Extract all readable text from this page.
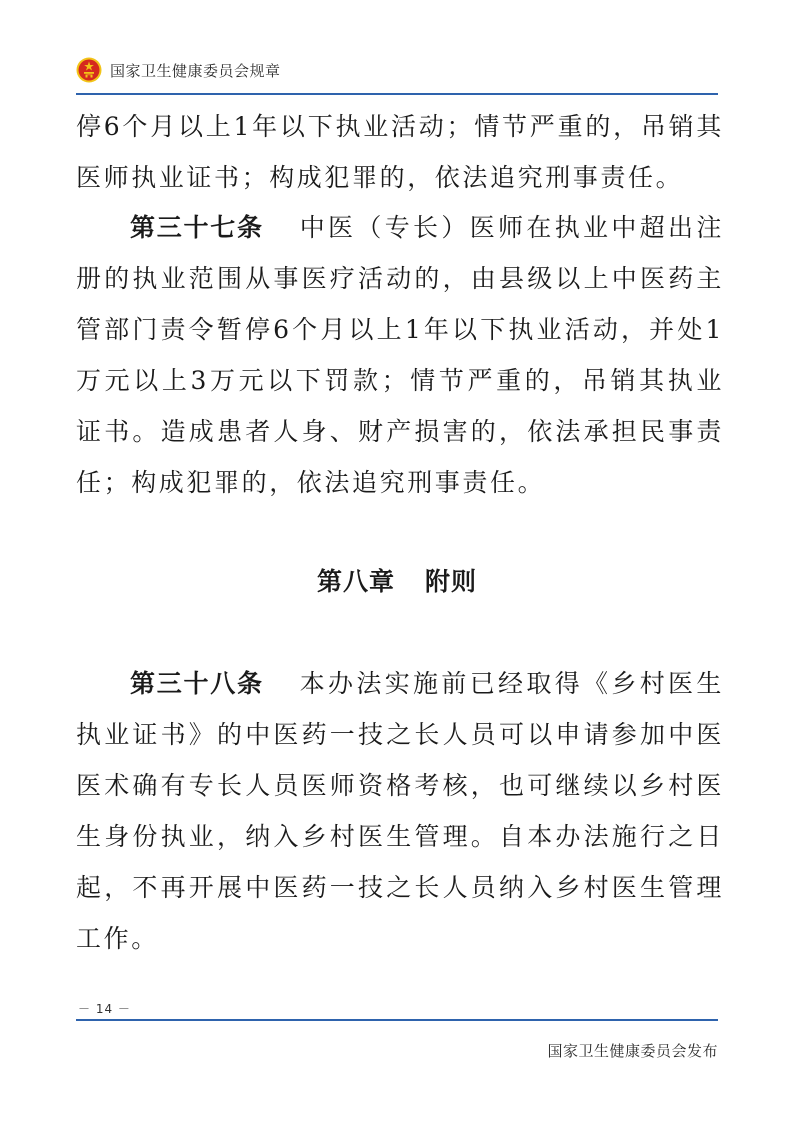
国家卫生健康委员会规章

停6个月以上1年以下执业活动；情节严重的，吊销其医师执业证书；构成犯罪的，依法追究刑事责任。

第三十七条 中医（专长）医师在执业中超出注册的执业范围从事医疗活动的，由县级以上中医药主管部门责令暂停6个月以上1年以下执业活动，并处1万元以上3万元以下罚款；情节严重的，吊销其执业证书。造成患者人身、财产损害的，依法承担民事责任；构成犯罪的，依法追究刑事责任。

第八章 附则

第三十八条 本办法实施前已经取得《乡村医生执业证书》的中医药一技之长人员可以申请参加中医医术确有专长人员医师资格考核，也可继续以乡村医生身份执业，纳入乡村医生管理。自本办法施行之日起，不再开展中医药一技之长人员纳入乡村医生管理工作。

－ 14 －
国家卫生健康委员会发布
